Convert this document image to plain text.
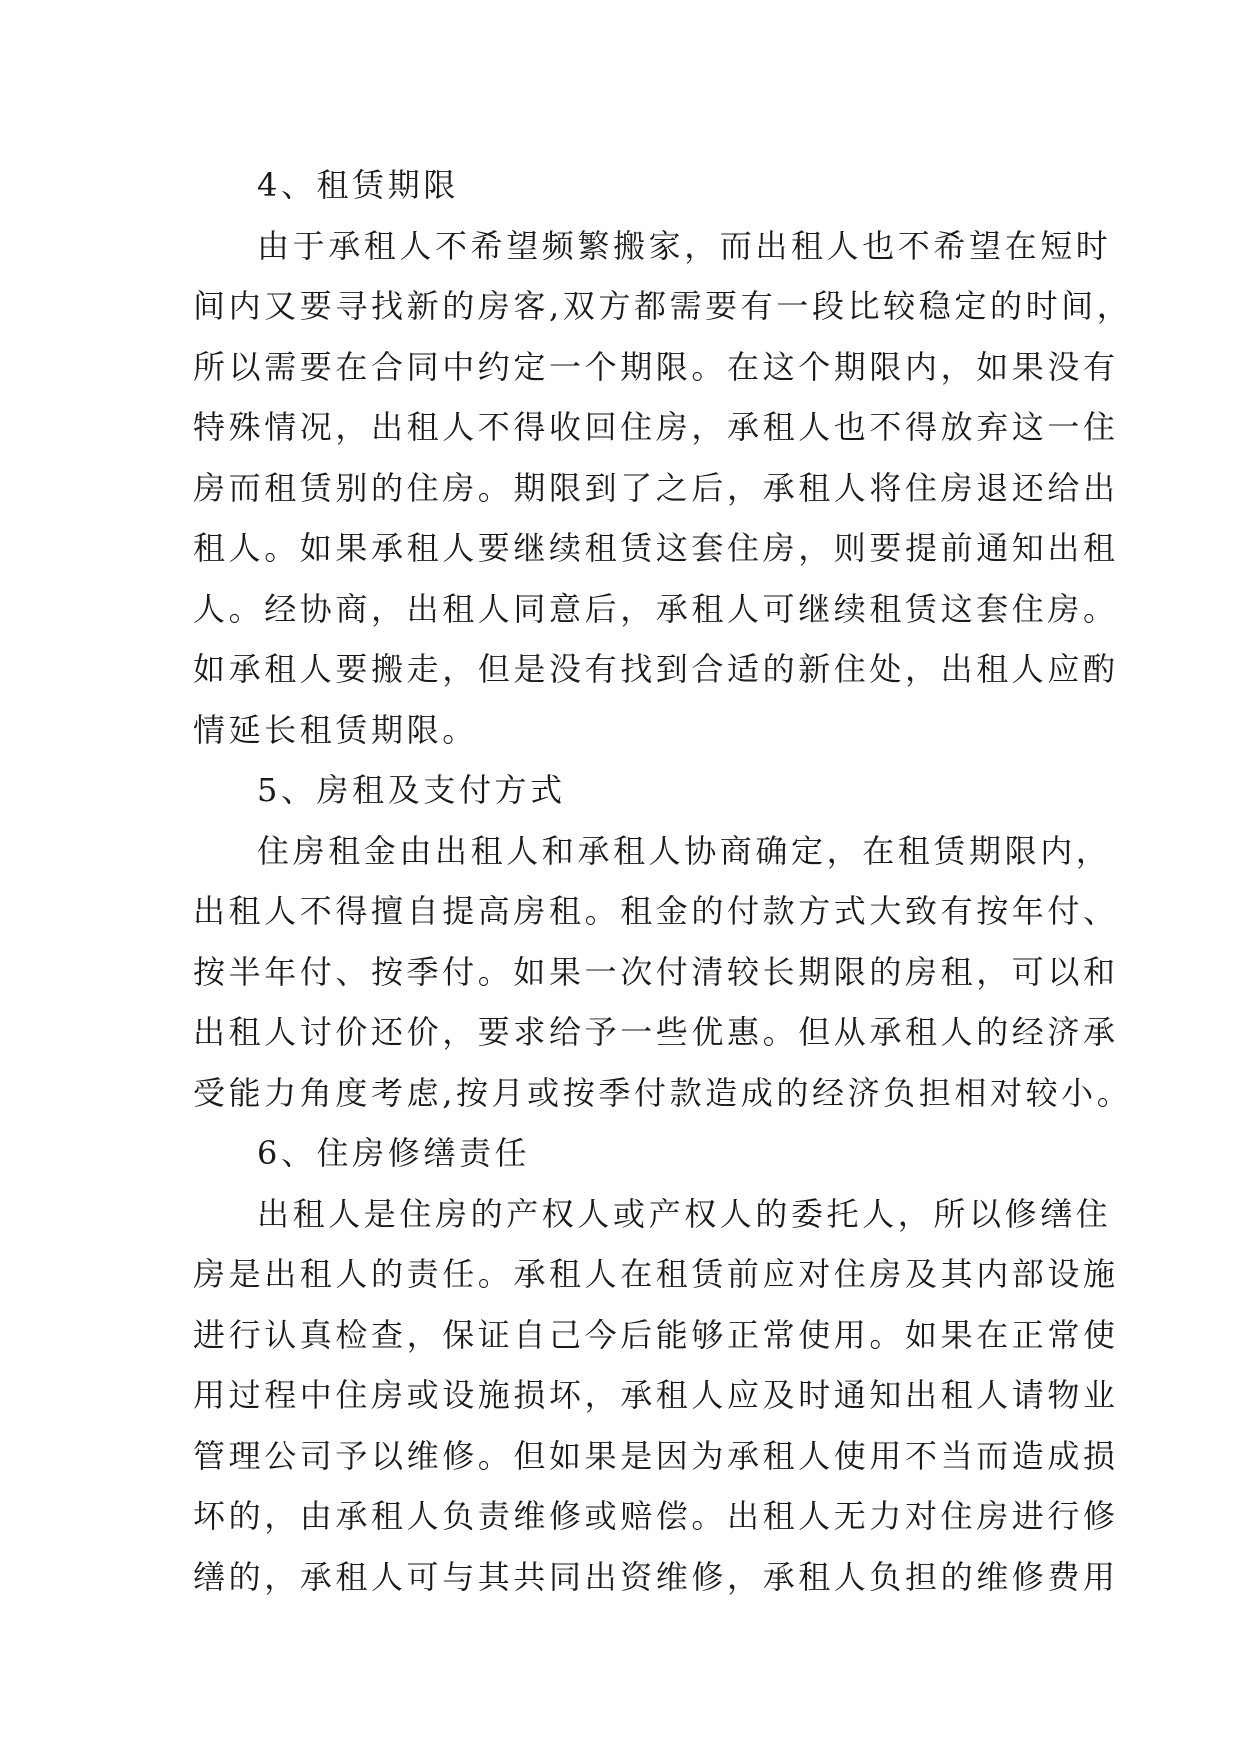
4、租赁期限
由于承租人不希望频繁搬家，而出租人也不希望在短时
间内又要寻找新的房客,双方都需要有一段比较稳定的时间，
所以需要在合同中约定一个期限。在这个期限内，如果没有
特殊情况，出租人不得收回住房，承租人也不得放弃这一住
房而租赁别的住房。期限到了之后，承租人将住房退还给出
租人。如果承租人要继续租赁这套住房，则要提前通知出租
人。经协商，出租人同意后，承租人可继续租赁这套住房。
如承租人要搬走，但是没有找到合适的新住处，出租人应酌
情延长租赁期限。
5、房租及支付方式
住房租金由出租人和承租人协商确定，在租赁期限内，
出租人不得擅自提高房租。租金的付款方式大致有按年付、
按半年付、按季付。如果一次付清较长期限的房租，可以和
出租人讨价还价，要求给予一些优惠。但从承租人的经济承
受能力角度考虑,按月或按季付款造成的经济负担相对较小。
6、住房修缮责任
出租人是住房的产权人或产权人的委托人，所以修缮住
房是出租人的责任。承租人在租赁前应对住房及其内部设施
进行认真检查，保证自己今后能够正常使用。如果在正常使
用过程中住房或设施损坏，承租人应及时通知出租人请物业
管理公司予以维修。但如果是因为承租人使用不当而造成损
坏的，由承租人负责维修或赔偿。出租人无力对住房进行修
缮的，承租人可与其共同出资维修，承租人负担的维修费用
